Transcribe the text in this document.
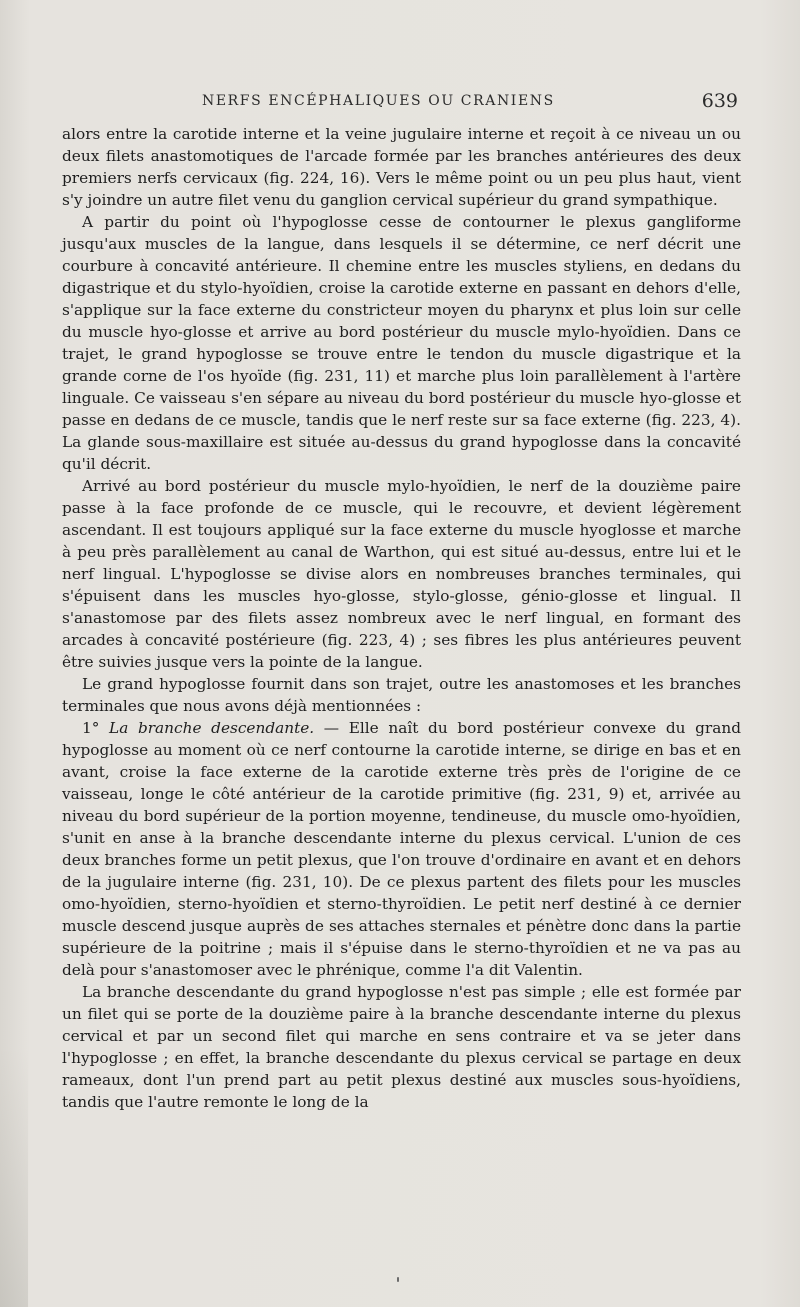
NERFS ENCÉPHALIQUES OU CRANIENS	639

alors entre la carotide interne et la veine jugulaire interne et reçoit à ce niveau un ou deux filets anastomotiques de l'arcade formée par les branches antérieures des deux premiers nerfs cervicaux (fig. 224, 16). Vers le même point ou un peu plus haut, vient s'y joindre un autre filet venu du ganglion cervical supérieur du grand sympathique.

A partir du point où l'hypoglosse cesse de contourner le plexus gangliforme jusqu'aux muscles de la langue, dans lesquels il se détermine, ce nerf décrit une courbure à concavité antérieure. Il chemine entre les muscles styliens, en dedans du digastrique et du stylo-hyoïdien, croise la carotide externe en passant en dehors d'elle, s'applique sur la face externe du constricteur moyen du pharynx et plus loin sur celle du muscle hyo-glosse et arrive au bord postérieur du muscle mylo-hyoïdien. Dans ce trajet, le grand hypoglosse se trouve entre le tendon du muscle digastrique et la grande corne de l'os hyoïde (fig. 231, 11) et marche plus loin parallèlement à l'artère linguale. Ce vaisseau s'en sépare au niveau du bord postérieur du muscle hyo-glosse et passe en dedans de ce muscle, tandis que le nerf reste sur sa face externe (fig. 223, 4). La glande sous-maxillaire est située au-dessus du grand hypoglosse dans la concavité qu'il décrit.

Arrivé au bord postérieur du muscle mylo-hyoïdien, le nerf de la douzième paire passe à la face profonde de ce muscle, qui le recouvre, et devient légèrement ascendant. Il est toujours appliqué sur la face externe du muscle hyoglosse et marche à peu près parallèlement au canal de Warthon, qui est situé au-dessus, entre lui et le nerf lingual. L'hypoglosse se divise alors en nombreuses branches terminales, qui s'épuisent dans les muscles hyo-glosse, stylo-glosse, génio-glosse et lingual. Il s'anastomose par des filets assez nombreux avec le nerf lingual, en formant des arcades à concavité postérieure (fig. 223, 4) ; ses fibres les plus antérieures peuvent être suivies jusque vers la pointe de la langue.

Le grand hypoglosse fournit dans son trajet, outre les anastomoses et les branches terminales que nous avons déjà mentionnées :

1° La branche descendante. — Elle naît du bord postérieur convexe du grand hypoglosse au moment où ce nerf contourne la carotide interne, se dirige en bas et en avant, croise la face externe de la carotide externe très près de l'origine de ce vaisseau, longe le côté antérieur de la carotide primitive (fig. 231, 9) et, arrivée au niveau du bord supérieur de la portion moyenne, tendineuse, du muscle omo-hyoïdien, s'unit en anse à la branche descendante interne du plexus cervical. L'union de ces deux branches forme un petit plexus, que l'on trouve d'ordinaire en avant et en dehors de la jugulaire interne (fig. 231, 10). De ce plexus partent des filets pour les muscles omo-hyoïdien, sterno-hyoïdien et sterno-thyroïdien. Le petit nerf destiné à ce dernier muscle descend jusque auprès de ses attaches sternales et pénètre donc dans la partie supérieure de la poitrine ; mais il s'épuise dans le sterno-thyroïdien et ne va pas au delà pour s'anastomoser avec le phrénique, comme l'a dit Valentin.

La branche descendante du grand hypoglosse n'est pas simple ; elle est formée par un filet qui se porte de la douzième paire à la branche descendante interne du plexus cervical et par un second filet qui marche en sens contraire et va se jeter dans l'hypoglosse ; en effet, la branche descendante du plexus cervical se partage en deux rameaux, dont l'un prend part au petit plexus destiné aux muscles sous-hyoïdiens, tandis que l'autre remonte le long de la
